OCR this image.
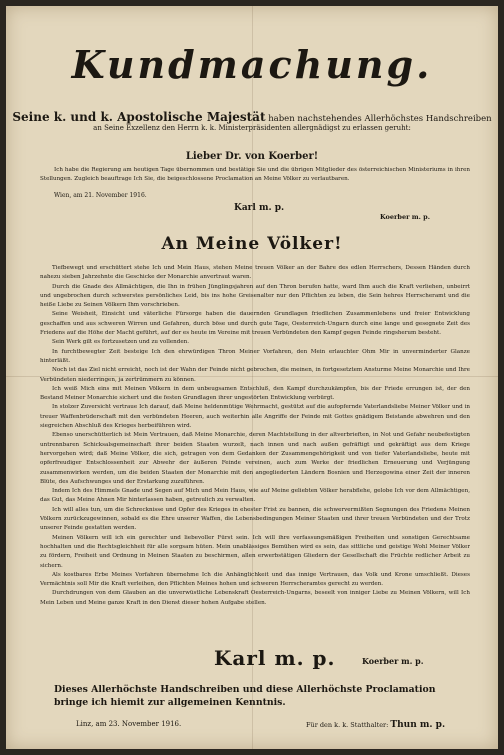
Kundmachung.
Seine k. und k. Apostolische Majestät haben nachstehendes Allerhöchstes Handschreiben
an Seine Exzellenz den Herrn k. k. Ministerpräsidenten allergnädigst zu erlassen geruht:
Lieber Dr. von Koerber!
Ich habe die Regierung am heutigen Tage übernommen und bestätige Sie und die übrigen Mitglieder des österreichischen Ministeriums in ihren Stellungen. Zugleich beauftrage Ich Sie, die beigeschlossene Proclamation an Meine Völker zu verlautbaren.
Wien, am 21. November 1916.
Karl m. p.
Koerber m. p.
An Meine Völker!

Tiefbewegt und erschüttert stehe Ich und Mein Haus, stehen Meine treuen Völker an der Bahre des edlen Herrschers, Dessen Händen durch nahezu sieben Jahrzehnte die Geschicke der Monarchie anvertraut waren.

Durch die Gnade des Allmächtigen, die Ihn in frühen Jünglingsjahren auf den Thron berufen hatte, ward Ihm auch die Kraft verliehen, unbeirrt und ungebrochen durch schwerstes persönliches Leid, bis ins hohe Greisenalter nur den Pflichten zu leben, die Sein hehres Herrscheramt und die heiße Liebe zu Seinen Völkern Ihm vorschrieben.

Seine Weisheit, Einsicht und väterliche Fürsorge haben die dauernden Grundlagen friedlichen Zusammenlebens und freier Entwicklung geschaffen und aus schweren Wirren und Gefahren, durch böse und durch gute Tage, Oesterreich-Ungarn durch eine lange und gesegnete Zeit des Friedens auf die Höhe der Macht geführt, auf der es heute im Vereine mit treuen Verbündeten den Kampf gegen Feinde ringsherum besteht.

Sein Werk gilt es fortzusetzen und zu vollenden.

In furchtbewegter Zeit besteige Ich den ehrwürdigen Thron Meiner Vorfahren, den Mein erlauchter Ohm Mir in unverminderter Glanze hinterläßt.

Noch ist das Ziel nicht erreicht, noch ist der Wahn der Feinde nicht gebrochen, die meinen, in fortgesetztem Ansturme Meine Monarchie und Ihre Verbündeten niederringen, ja zertrümmern zu können.

Ich weiß Mich eins mit Meinen Völkern in dem unbeugsamen Entschluß, den Kampf durchzukämpfen, bis der Friede errungen ist, der den Bestand Meiner Monarchie sichert und die festen Grundlagen ihrer ungestörten Entwicklung verbürgt.

In stolzer Zuversicht vertraue Ich darauf, daß Meine heldenmütige Wehrmacht, gestützt auf die aufopfernde Vaterlandsliebe Meiner Völker und in treuer Waffenbrüderschaft mit den verbündeten Heeren, auch weiterhin alle Angriffe der Feinde mit Gottes gnädigem Beistande abwehren und den siegreichen Abschluß des Krieges herbeiführen wird.

Ebenso unerschütterlich ist Mein Vertrauen, daß Meine Monarchie, deren Machtstellung in der altverbrieften, in Not und Gefahr neubefestigten untrennbaren Schicksalsgemeinschaft ihrer beiden Staaten wurzelt, nach innen und nach außen gefräftigt und gekräftigt aus dem Kriege hervorgehen wird; daß Meine Völker, die sich, getragen von dem Gedanken der Zusammengehörigkeit und von tiefer Vaterlandsliebe, heute mit opferfreudiger Entschlossenheit zur Abwehr der äußeren Feinde vereinen, auch zum Werke der friedlichen Erneuerung und Verjüngung zusammenwirken werden, um die beiden Staaten der Monarchie mit den angegliederten Ländern Bosnien und Herzegowina einer Zeit der inneren Blüte, des Aufschwunges und der Erstarkung zuzuführen.

Indem Ich des Himmels Gnade und Segen auf Mich und Mein Haus, wie auf Meine geliebten Völker herabflehe, gelobe Ich vor dem Allmächtigen, das Gut, das Meine Ahnen Mir hinterlassen haben, getreulich zu verwalten.

Ich will alles tun, um die Schrecknisse und Opfer des Krieges in ehester Frist zu bannen, die schwervermißten Segnungen des Friedens Meinen Völkern zurückzugewinnen, sobald es die Ehre unserer Waffen, die Lebensbedingungen Meiner Staaten und ihrer treuen Verbündeten und der Trotz unserer Feinde gestatten werden.

Meinen Völkern will ich ein gerechter und liebevoller Fürst sein. Ich will ihre verfassungsmäßigen Freiheiten und sonstigen Gerechtsame hochhalten und die Rechtsgleichheit für alle sorgsam hüten. Mein unablässiges Bemühen wird es sein, das sittliche und geistige Wohl Meiner Völker zu fördern, Freiheit und Ordnung in Meinen Staaten zu beschirmen, allen erwerbstätigen Gliedern der Gesellschaft die Früchte redlicher Arbeit zu sichern.

Als kostbares Erbe Meines Vorfahren übernehme Ich die Anhänglichkeit und das innige Vertrauen, das Volk und Krone umschließt. Dieses Vermächtnis soll Mir die Kraft verleihen, den Pflichten Meines hohen und schweren Herrscheramtes gerecht zu werden.

Durchdrungen von dem Glauben an die unverwüstliche Lebenskraft Oesterreich-Ungarns, beseelt von inniger Liebe zu Meinen Völkern, will Ich Mein Leben und Meine ganze Kraft in den Dienst dieser hohen Aufgabe stellen.

Karl m. p.	Koerber m. p.
Dieses Allerhöchste Handschreiben und diese Allerhöchste Proclamation bringe ich hiemit zur allgemeinen Kenntnis.
Linz, am 23. November 1916.	Für den k. k. Statthalter: Thun m. p.
